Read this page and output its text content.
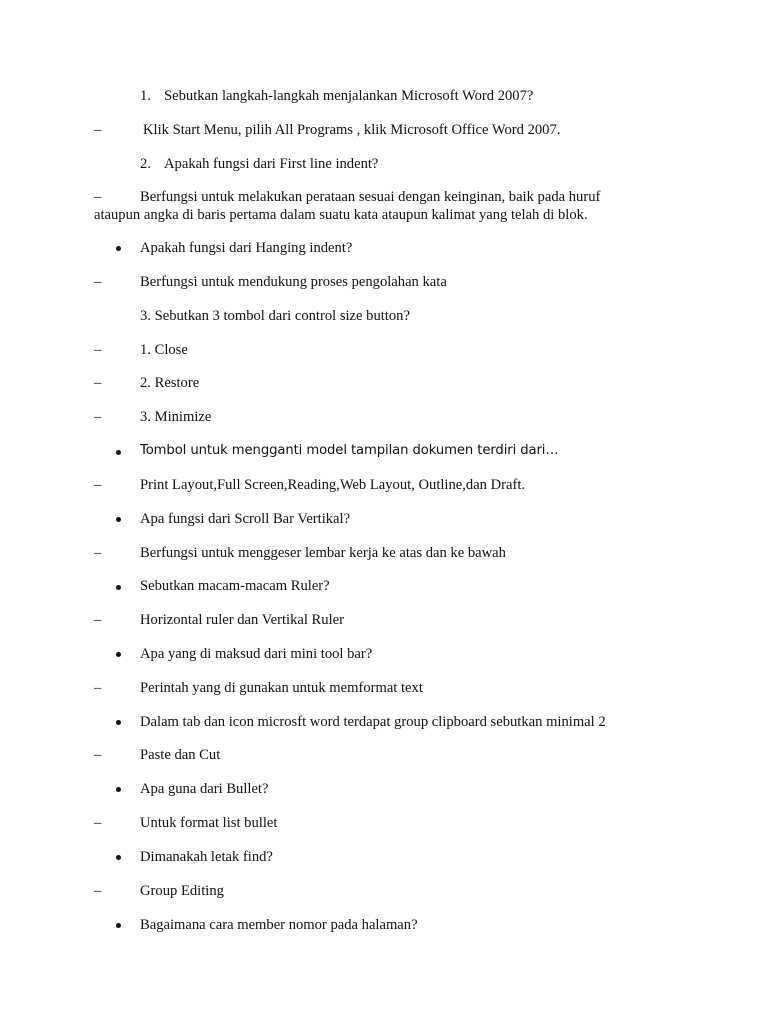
1. Sebutkan langkah-langkah menjalankan Microsoft Word 2007?
–	Klik Start Menu, pilih All Programs , klik Microsoft Office Word 2007.
2. Apakah fungsi dari First line indent?
–	Berfungsi untuk melakukan perataan sesuai dengan keinginan, baik pada huruf
ataupun angka di baris pertama dalam suatu kata ataupun kalimat yang telah di blok.
Apakah fungsi dari Hanging indent?
–	Berfungsi untuk mendukung proses pengolahan kata
3. Sebutkan 3 tombol dari control size button?
–	1. Close
–	2. Restore
–	3. Minimize
Tombol untuk mengganti model tampilan dokumen terdiri dari…
–	Print Layout,Full Screen,Reading,Web Layout, Outline,dan Draft.
Apa fungsi dari Scroll Bar Vertikal?
–	Berfungsi untuk menggeser lembar kerja ke atas dan ke bawah
Sebutkan macam-macam Ruler?
–	Horizontal ruler dan Vertikal Ruler
Apa yang di maksud dari mini tool bar?
–	Perintah yang di gunakan untuk memformat text
Dalam tab dan icon microsft word terdapat group clipboard sebutkan minimal 2
–	Paste dan Cut
Apa guna dari Bullet?
–	Untuk format list bullet
Dimanakah letak find?
–	Group Editing
Bagaimana cara member nomor pada halaman?
